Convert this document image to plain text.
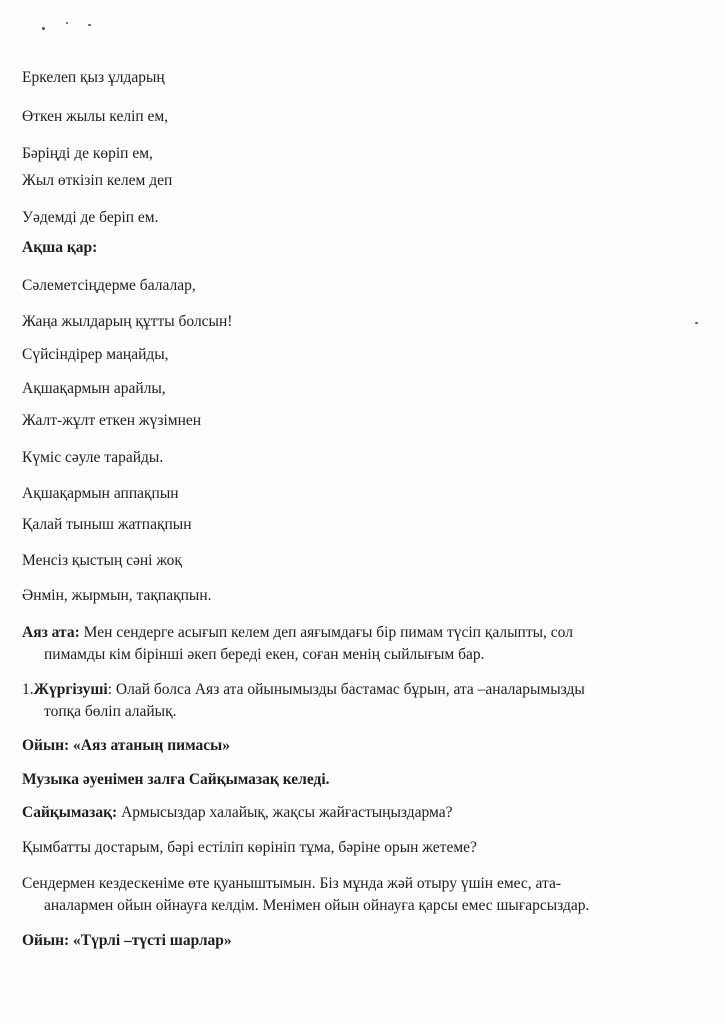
Еркелеп қыз ұлдарың
Өткен жылы келіп ем,
Бәріңді де көріп ем,
Жыл өткізіп келем деп
Уәдемді де беріп ем.
Ақша қар:
Сәлеметсіңдерме балалар,
Жаңа жылдарың құтты болсын!
Сүйсіндірер маңайды,
Ақшақармын арайлы,
Жалт-жұлт еткен жүзімнен
Күміс сәуле тарайды.
Ақшақармын аппақпын
Қалай тыныш жатпақпын
Менсіз қыстың сәні жоқ
Әнмін, жырмын, тақпақпын.
Аяз ата: Мен сендерге асығып келем деп аяғымдағы бір пимам түсіп қалыпты, сол
пимамды кім бірінші әкеп береді екен, соған менің сыйлығым бар.
1.Жүргізуші: Олай болса Аяз ата ойынымызды бастамас бұрын, ата –аналарымызды
топқа бөліп алайық.
Ойын: «Аяз атаның пимасы»
Музыка әуенімен залға Сайқымазақ келеді.
Сайқымазақ: Армысыздар халайық, жақсы жайғастыңыздарма?
Қымбатты достарым, бәрі естіліп көрініп тұма, бәріне орын жетеме?
Сендермен кездескеніме өте қуаныштымын. Біз мұнда жәй отыру үшін емес, ата-
аналармен ойын ойнауға келдім. Менімен ойын ойнауға қарсы емес шығарсыздар.
Ойын: «Түрлі –түсті шарлар»
